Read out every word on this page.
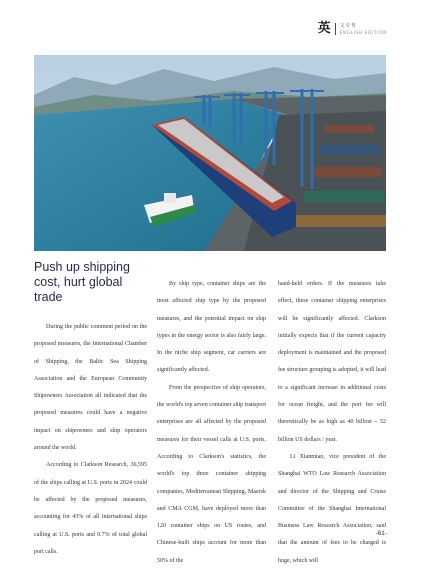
英 文专刊
ENGLISH EDITION
Push up shipping cost, hurt global trade

During the public comment period on the proposed measures, the International Chamber of Shipping, the Baltic Sea Shipping Association and the European Community Shipowners Association all indicated that the proposed measures could have a negative impact on shipowners and ship operators around the world.

According to Clarkson Research, 36,595 of the ships calling at U.S. ports in 2024 could be affected by the proposed measures, accounting for 43% of all international ships calling at U.S. ports and 0.7% of total global port calls.

By ship type, container ships are the most affected ship type by the proposed measures, and the potential impact on ship types in the energy sector is also fairly large. In the niche ship segment, car carriers are significantly affected.

From the perspective of ship operators, the world's top seven container ship transport enterprises are all affected by the proposed measures for their vessel calls at U.S. ports. According to Clarkson's statistics, the world's top three container shipping companies, Mediterranean Shipping, Maersk and CMA CGM, have deployed more than 120 container ships on US routes, and Chinese-built ships account for more than 50% of the

hand-held orders. If the measures take effect, these container shipping enterprises will be significantly affected. Clarkson initially expects that if the current capacity deployment is maintained and the proposed fee structure grouping is adopted, it will lead to a significant increase in additional costs for ocean freight, and the port fee will theoretically be as high as 40 billion – 52 billion US dollars / year.

Li Xianmian, vice president of the Shanghai WTO Law Research Association and director of the Shipping and Cruise Committee of the Shanghai International Business Law Research Association, said that the amount of fees to be charged is huge, which will

-61-
